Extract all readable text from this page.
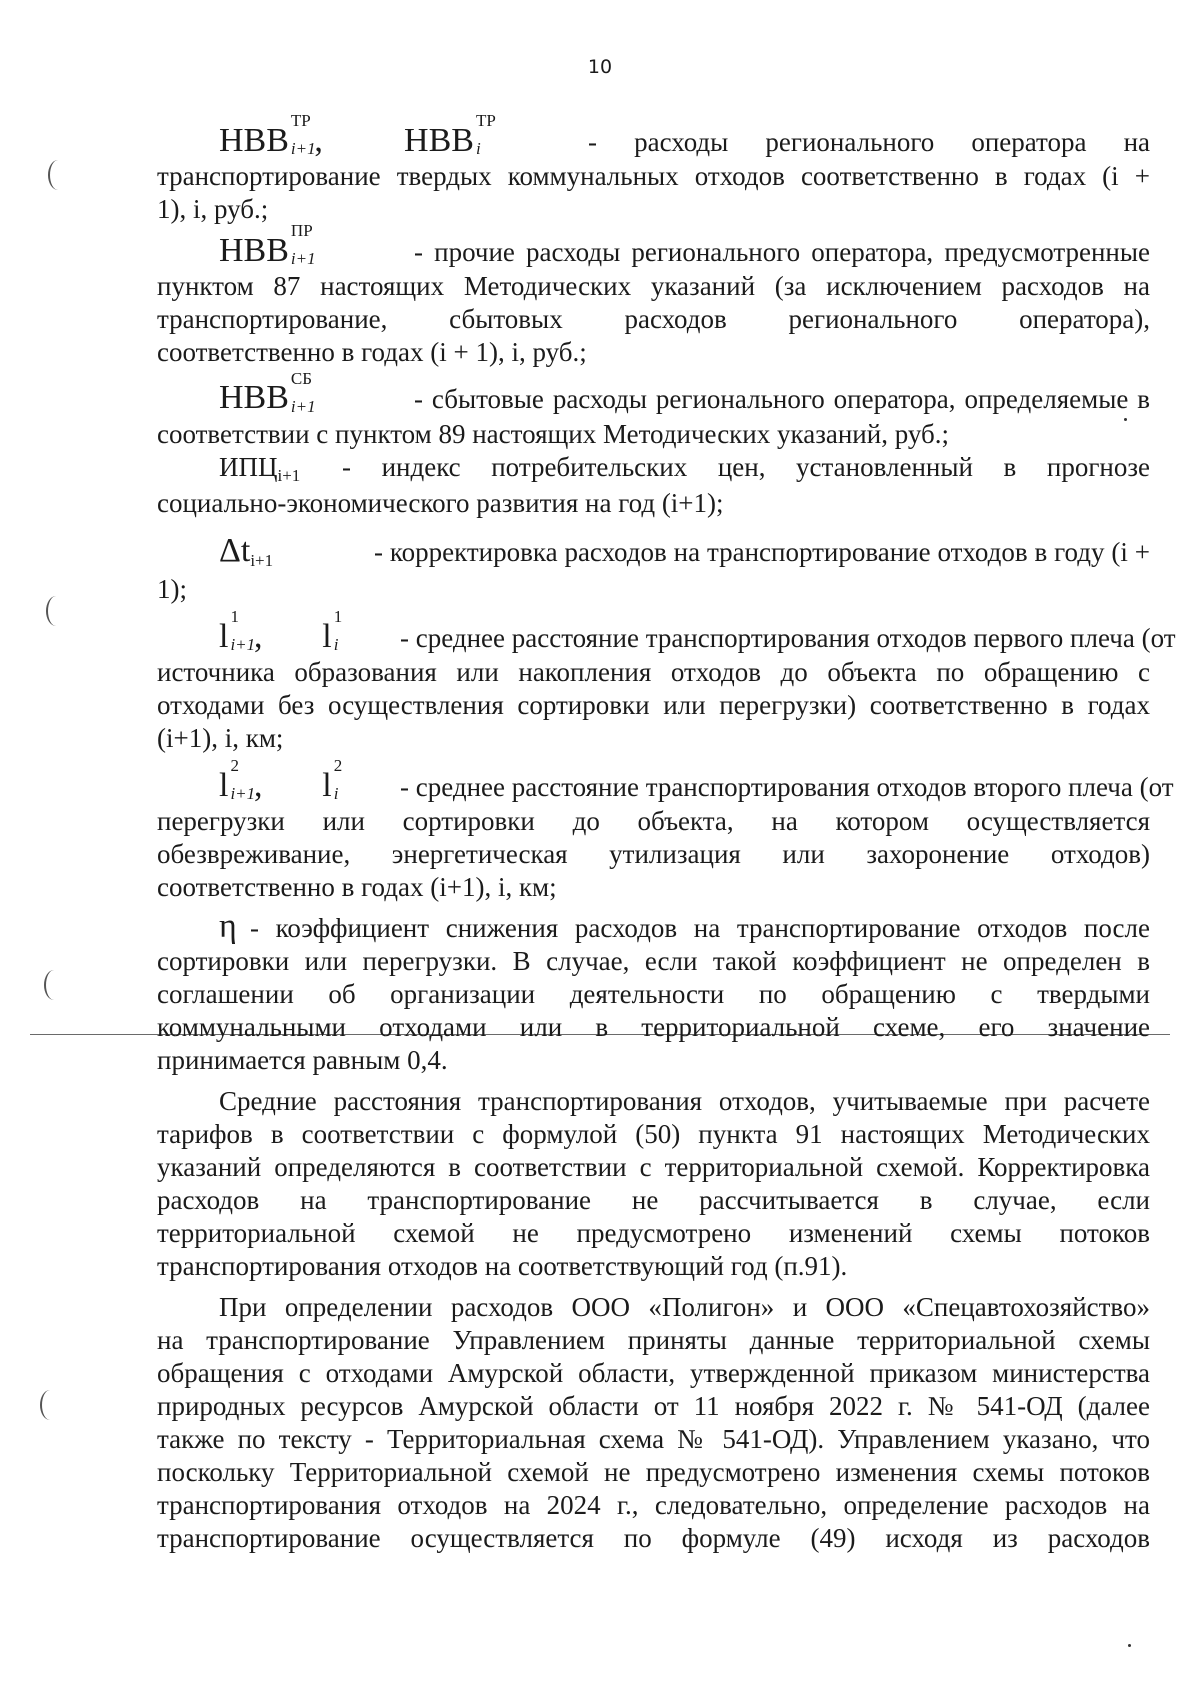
10
НВВ
ТР
i+1
,  НВВ
ТР
i	- расходы регионального оператора на
транспортирование твердых коммунальных отходов соответственно в годах (i +
1), i, руб.;
НВВ
ПР
i+1	- прочие расходы регионального оператора, предусмотренные
пунктом 87 настоящих Методических указаний (за исключением расходов на
транспортирование, сбытовых расходов регионального оператора),
соответственно в годах (i + 1), i, руб.;
НВВ
СБ
i+1	- сбытовые расходы регионального оператора, определяемые в
соответствии с пунктом 89 настоящих Методических указаний, руб.;
ИПЦi+1 - индекс потребительских цен, установленный в прогнозе
социально-экономического развития на год (i+1);
Δti+1	- корректировка расходов на транспортирование отходов в году (i +
1);
l
1
i+1
, l
1
i - среднее расстояние транспортирования отходов первого плеча (от
источника образования или накопления отходов до объекта по обращению с
отходами без осуществления сортировки или перегрузки) соответственно в годах
(i+1), i, км;
l
2
i+1
, l
2
i - среднее расстояние транспортирования отходов второго плеча (от
перегрузки или сортировки до объекта, на котором осуществляется
обезвреживание, энергетическая утилизация или захоронение отходов)
соответственно в годах (i+1), i, км;
η - коэффициент снижения расходов на транспортирование отходов после
сортировки или перегрузки. В случае, если такой коэффициент не определен в
соглашении об организации деятельности по обращению с твердыми
коммунальными отходами или в территориальной схеме, его значение
принимается равным 0,4.
Средние расстояния транспортирования отходов, учитываемые при расчете
тарифов в соответствии с формулой (50) пункта 91 настоящих Методических
указаний определяются в соответствии с территориальной схемой. Корректировка
расходов на транспортирование не рассчитывается в случае, если
территориальной схемой не предусмотрено изменений схемы потоков
транспортирования отходов на соответствующий год (п.91).
При определении расходов ООО «Полигон» и ООО «Спецавтохозяйство»
на транспортирование Управлением приняты данные территориальной схемы
обращения с отходами Амурской области, утвержденной приказом министерства
природных ресурсов Амурской области от 11 ноября 2022 г. № 541-ОД (далее
также по тексту - Территориальная схема № 541-ОД). Управлением указано, что
поскольку Территориальной схемой не предусмотрено изменения схемы потоков
транспортирования отходов на 2024 г., следовательно, определение расходов на
транспортирование осуществляется по формуле (49) исходя из расходов
